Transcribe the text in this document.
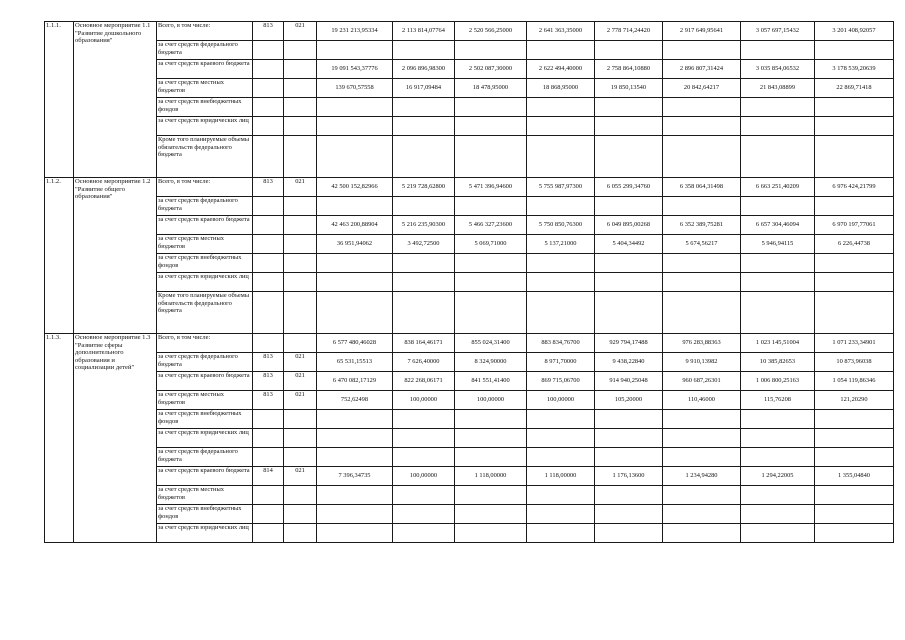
1.1.1.	Основное мероприятие 1.1 "Развитие дошкольного образования"	Всего, в том числе:	813	021	19 231 213,95334	2 113 814,07764	2 520 566,25000	2 641 363,35000	2 778 714,24420	2 917 649,95641	3 057 697,15432	3 201 408,92057
		за счет средств федерального бюджета										
		за счет средств краевого бюджета			19 091 543,37776	2 096 896,98300	2 502 087,30000	2 622 494,40000	2 758 864,10880	2 896 807,31424	3 035 854,06532	3 178 539,20639
		за счет средств местных бюджетов			139 670,57558	16 917,09484	18 478,95000	18 868,95000	19 850,13540	20 842,64217	21 843,08899	22 869,71418
		за счет средств внебюджетных фондов										
		за счет средств юридических лиц										
		Кроме того планируемые объемы обязательств федерального бюджета										
1.1.2.	Основное мероприятие 1.2 "Развитие общего образования"	Всего, в том числе:	813	021	42 500 152,82966	5 219 728,62800	5 471 396,94600	5 755 987,97300	6 055 299,34760	6 358 064,31498	6 663 251,40209	6 976 424,21799
		за счет средств федерального бюджета										
		за счет средств краевого бюджета			42 463 200,88904	5 216 235,90300	5 466 327,23600	5 750 850,76300	6 049 895,00268	6 352 389,75281	6 657 304,46094	6 970 197,77061
		за счет средств местных бюджетов			36 951,94062	3 492,72500	5 069,71000	5 137,21000	5 404,34492	5 674,56217	5 946,94115	6 226,44738
		за счет средств внебюджетных фондов										
		за счет средств юридических лиц										
		Кроме того планируемые объемы обязательств федерального бюджета										
1.1.3.	Основное мероприятие 1.3 "Развитие сферы дополнительного образования и социализации детей"	Всего, в том числе:			6 577 480,46028	838 164,46171	855 024,31400	883 834,76700	929 794,17488	976 283,88363	1 023 145,51004	1 071 233,34901
		за счет средств федерального бюджета	813	021	65 531,15513	7 626,40000	8 324,90000	8 971,70000	9 438,22840	9 910,13982	10 385,82653	10 873,96038
		за счет средств краевого бюджета	813	021	6 470 082,17129	822 268,06171	841 551,41400	869 715,06700	914 940,25048	960 687,26301	1 006 800,25163	1 054 119,86346
		за счет средств местных бюджетов	813	021	752,62498	100,00000	100,00000	100,00000	105,20000	110,46000	115,76208	121,20290
		за счет средств внебюджетных фондов										
		за счет средств юридических лиц										
		за счет средств федерального бюджета										
		за счет средств краевого бюджета	814	021	7 396,34735	100,00000	1 118,00000	1 118,00000	1 176,13600	1 234,94280	1 294,22005	1 355,04840
		за счет средств местных бюджетов										
		за счет средств внебюджетных фондов										
		за счет средств юридических лиц										
